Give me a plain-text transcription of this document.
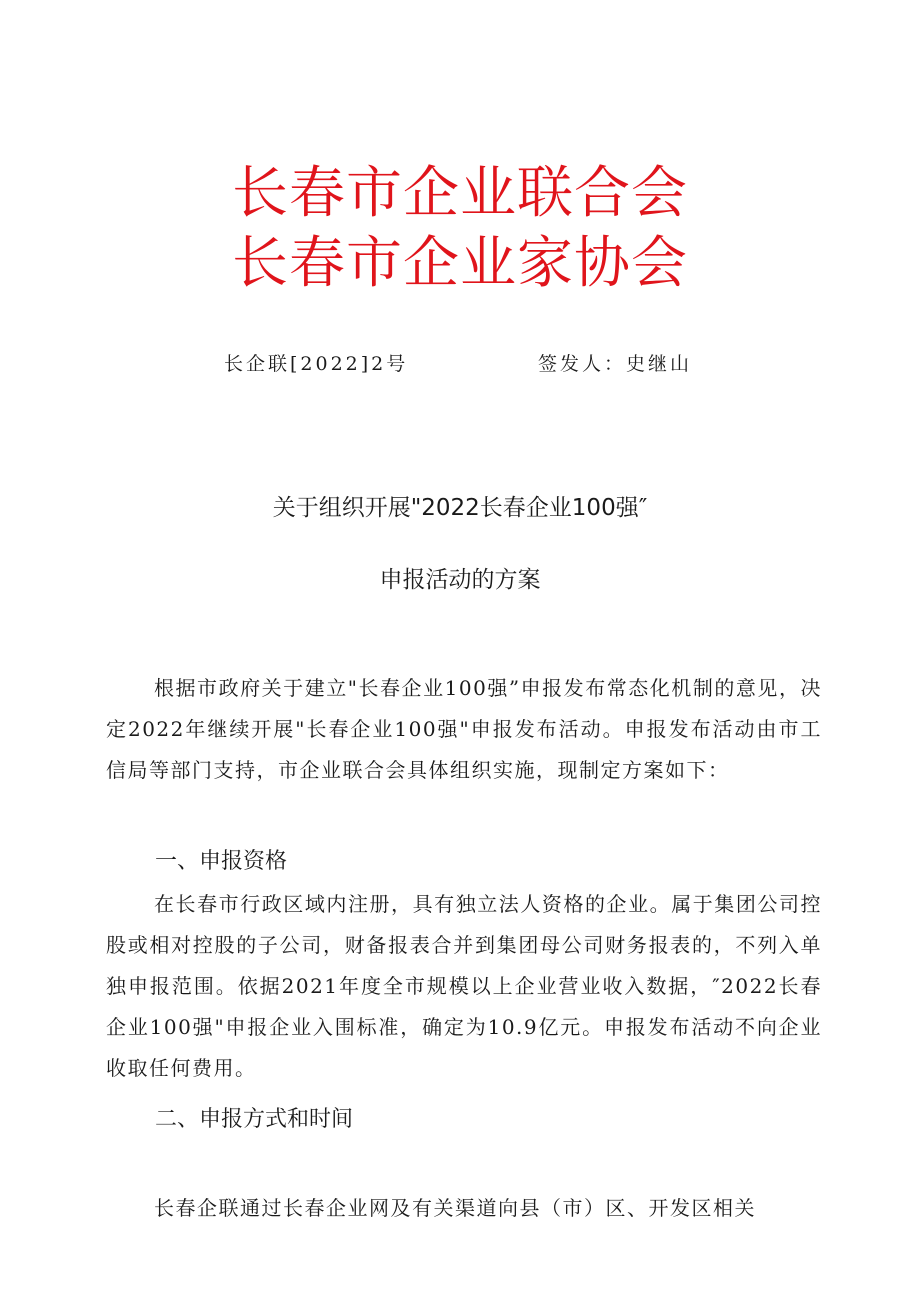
长春市企业联合会
长春市企业家协会
长企联[2022]2号	签发人：史继山
关于组织开展"2022长春企业100强″
申报活动的方案

根据市政府关于建立"长春企业100强”申报发布常态化机制的意见，决定2022年继续开展"长春企业100强"申报发布活动。申报发布活动由市工信局等部门支持，市企业联合会具体组织实施，现制定方案如下：

一、申报资格

在长春市行政区域内注册，具有独立法人资格的企业。属于集团公司控股或相对控股的子公司，财备报表合并到集团母公司财务报表的，不列入单独申报范围。依据2021年度全市规模以上企业营业收入数据，″2022长春企业100强"申报企业入围标准，确定为10.9亿元。申报发布活动不向企业收取任何费用。

二、申报方式和时间

长春企联通过长春企业网及有关渠道向县（市）区、开发区相关
